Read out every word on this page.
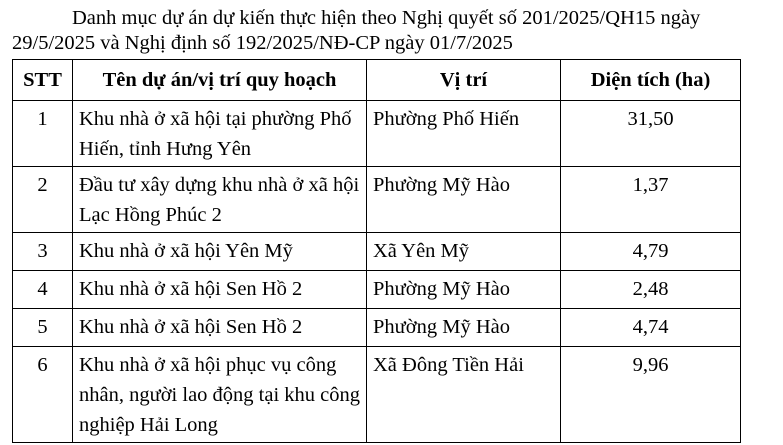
Danh mục dự án dự kiến thực hiện theo Nghị quyết số 201/2025/QH15 ngày
29/5/2025 và Nghị định số 192/2025/NĐ-CP ngày 01/7/2025
STT	Tên dự án/vị trí quy hoạch	Vị trí	Diện tích (ha)
1	Khu nhà ở xã hội tại phường Phố Hiến, tỉnh Hưng Yên	Phường Phố Hiến	31,50
2	Đầu tư xây dựng khu nhà ở xã hội Lạc Hồng Phúc 2	Phường Mỹ Hào	1,37
3	Khu nhà ở xã hội Yên Mỹ	Xã Yên Mỹ	4,79
4	Khu nhà ở xã hội Sen Hồ 2	Phường Mỹ Hào	2,48
5	Khu nhà ở xã hội Sen Hồ 2	Phường Mỹ Hào	4,74
6	Khu nhà ở xã hội phục vụ công nhân, người lao động tại khu công nghiệp Hải Long	Xã Đông Tiền Hải	9,96
